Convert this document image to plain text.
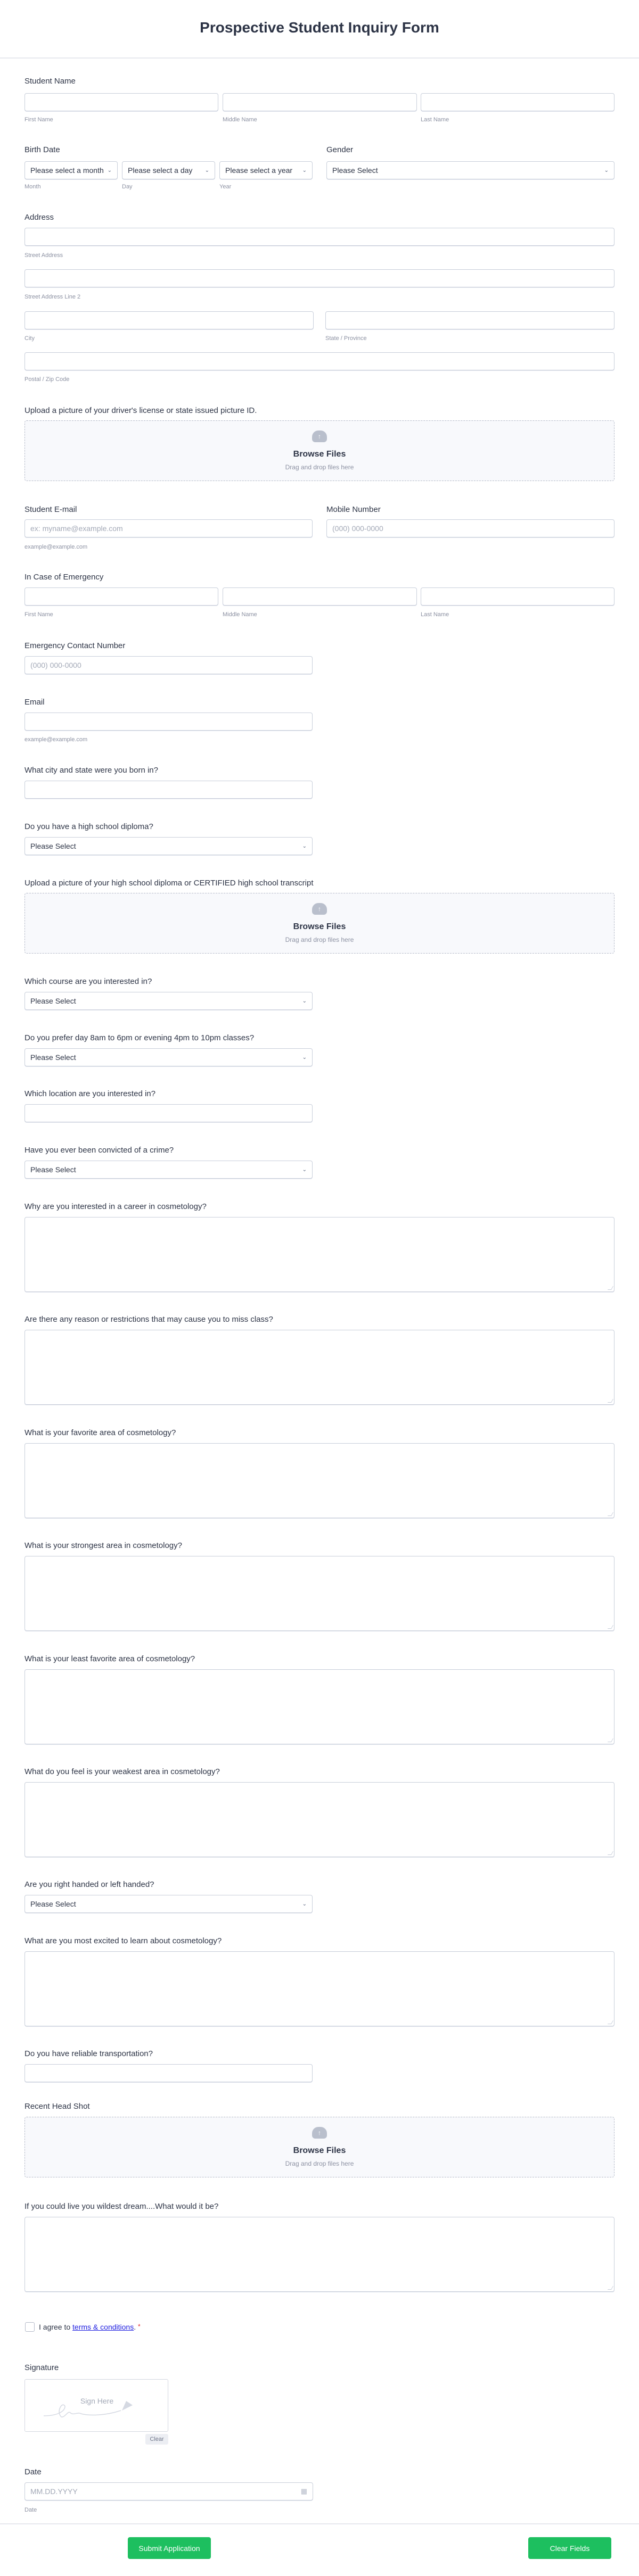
Prospective Student Inquiry Form
Student Name
First Name	Middle Name	Last Name
Birth Date	Gender
Please select a month ⌄ Please select a day ⌄ Please select a year ⌄	Please Select	⌄
Month	Day	Year
Address
Street Address
Street Address Line 2
City	State / Province
Postal / Zip Code
Upload a picture of your driver's license or state issued picture ID.
↑
Browse Files
Drag and drop files here
Student E-mail	Mobile Number
ex: myname@example.com	(000) 000-0000
example@example.com
In Case of Emergency
First Name	Middle Name	Last Name
Emergency Contact Number
(000) 000-0000
Email
example@example.com
What city and state were you born in?
Do you have a high school diploma?
Please Select	⌄
Upload a picture of your high school diploma or CERTIFIED high school transcript
↑
Browse Files
Drag and drop files here
Which course are you interested in?
Please Select	⌄
Do you prefer day 8am to 6pm or evening 4pm to 10pm classes?
Please Select	⌄
Which location are you interested in?
Have you ever been convicted of a crime?
Please Select	⌄
Why are you interested in a career in cosmetology?
Are there any reason or restrictions that may cause you to miss class?
What is your favorite area of cosmetology?
What is your strongest area in cosmetology?
What is your least favorite area of cosmetology?
What do you feel is your weakest area in cosmetology?
Are you right handed or left handed?
Please Select	⌄
What are you most excited to learn about cosmetology?
Do you have reliable transportation?
Recent Head Shot
↑
Browse Files
Drag and drop files here
If you could live you wildest dream....What would it be?
I agree to terms & conditions. *
Signature
Sign Here
Clear
Date
MM.DD.YYYY	▦
Date
Submit Application	Clear Fields
